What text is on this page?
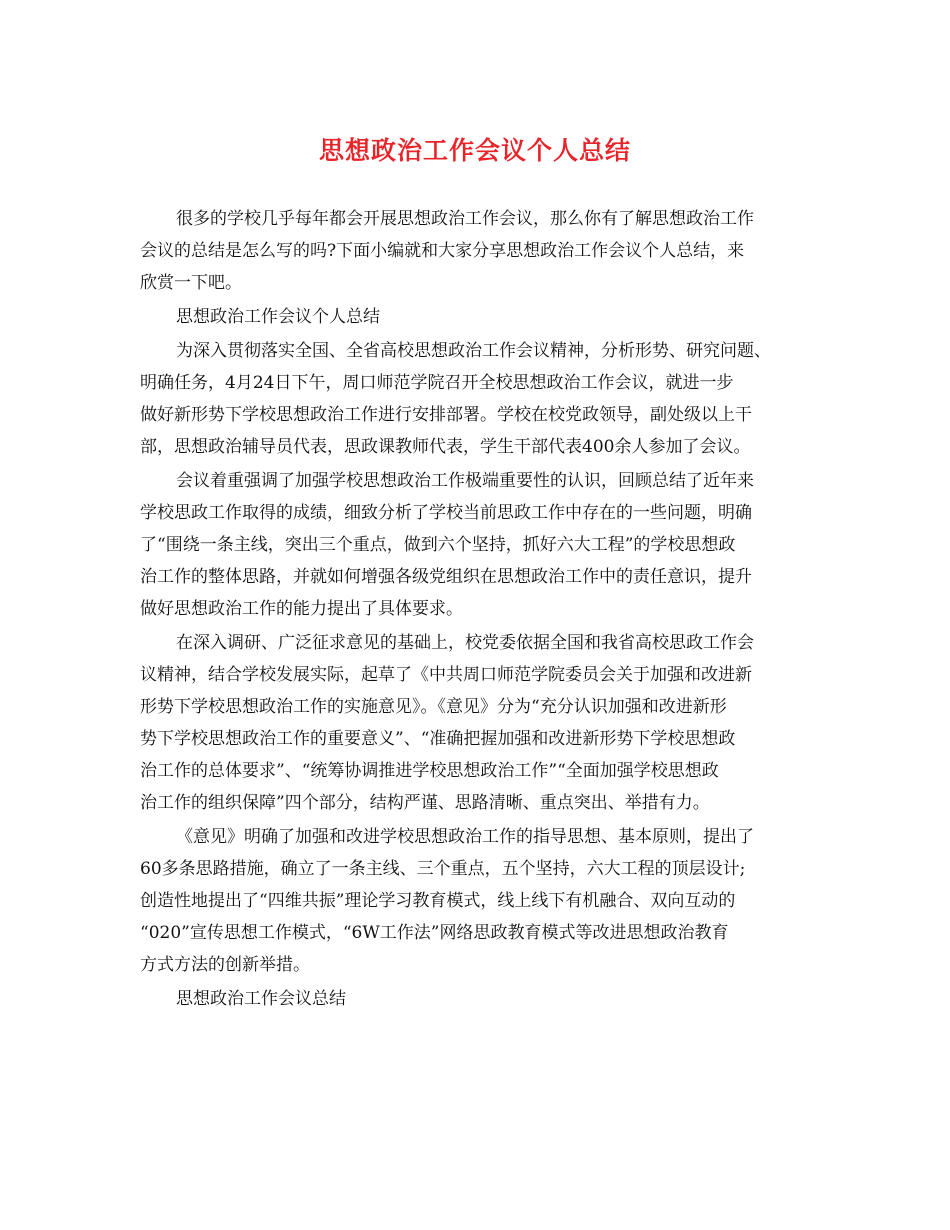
思想政治工作会议个人总结
很多的学校几乎每年都会开展思想政治工作会议，那么你有了解思想政治工作
会议的总结是怎么写的吗?下面小编就和大家分享思想政治工作会议个人总结，来
欣赏一下吧。
思想政治工作会议个人总结
为深入贯彻落实全国、全省高校思想政治工作会议精神，分析形势、研究问题、
明确任务，4月24日下午，周口师范学院召开全校思想政治工作会议，就进一步
做好新形势下学校思想政治工作进行安排部署。学校在校党政领导，副处级以上干
部，思想政治辅导员代表，思政课教师代表，学生干部代表400余人参加了会议。
会议着重强调了加强学校思想政治工作极端重要性的认识，回顾总结了近年来
学校思政工作取得的成绩，细致分析了学校当前思政工作中存在的一些问题，明确
了“围绕一条主线，突出三个重点，做到六个坚持，抓好六大工程”的学校思想政
治工作的整体思路，并就如何增强各级党组织在思想政治工作中的责任意识，提升
做好思想政治工作的能力提出了具体要求。
在深入调研、广泛征求意见的基础上，校党委依据全国和我省高校思政工作会
议精神，结合学校发展实际，起草了《中共周口师范学院委员会关于加强和改进新
形势下学校思想政治工作的实施意见》。《意见》分为“充分认识加强和改进新形
势下学校思想政治工作的重要意义”、“准确把握加强和改进新形势下学校思想政
治工作的总体要求”、“统筹协调推进学校思想政治工作”“全面加强学校思想政
治工作的组织保障”四个部分，结构严谨、思路清晰、重点突出、举措有力。
《意见》明确了加强和改进学校思想政治工作的指导思想、基本原则，提出了
60多条思路措施，确立了一条主线、三个重点，五个坚持，六大工程的顶层设计;
创造性地提出了“四维共振”理论学习教育模式，线上线下有机融合、双向互动的
“020”宣传思想工作模式，“6W工作法”网络思政教育模式等改进思想政治教育
方式方法的创新举措。
思想政治工作会议总结
